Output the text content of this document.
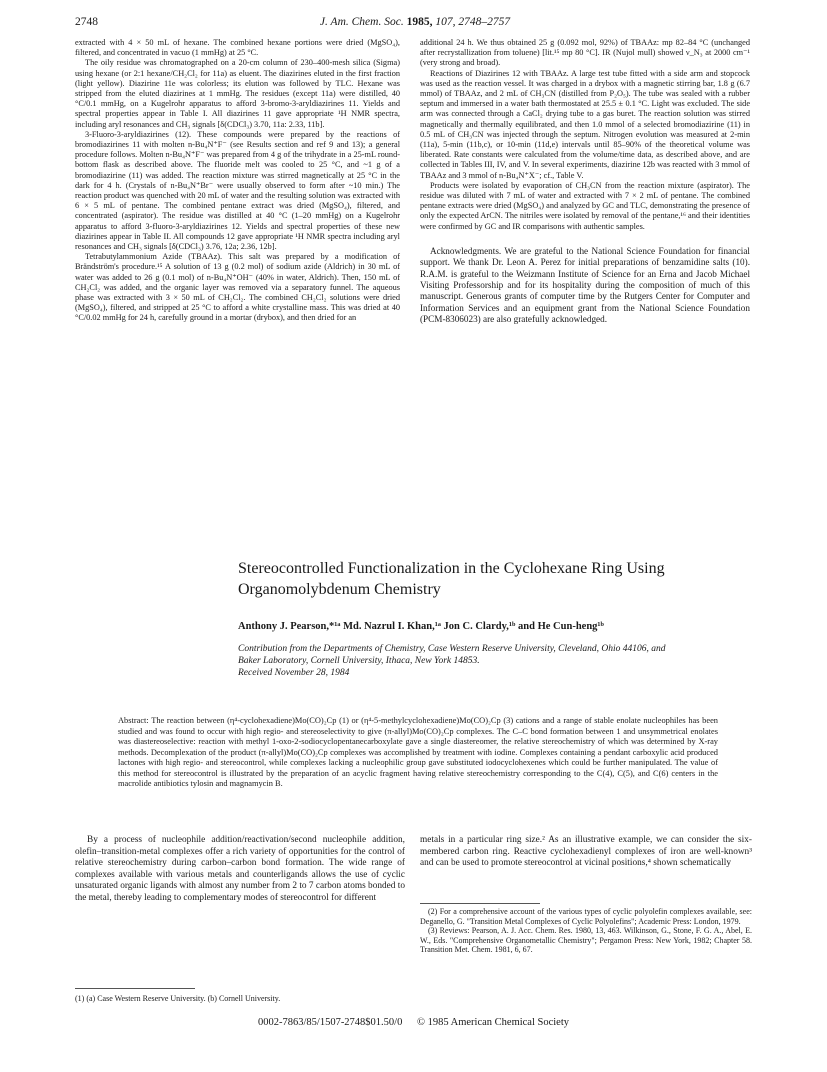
2748	J. Am. Chem. Soc. 1985, 107, 2748–2757

extracted with 4 × 50 mL of hexane. The combined hexane portions were dried (MgSO₄), filtered, and concentrated in vacuo (1 mmHg) at 25 °C.

The oily residue was chromatographed on a 20-cm column of 230–400-mesh silica (Sigma) using hexane (or 2:1 hexane/CH₂Cl₂ for 11a) as eluent. The diazirines eluted in the first fraction (light yellow). Diazirine 11e was colorless; its elution was followed by TLC. Hexane was stripped from the eluted diazirines at 1 mmHg. The residues (except 11a) were distilled, 40 °C/0.1 mmHg, on a Kugelrohr apparatus to afford 3-bromo-3-aryldiazirines 11. Yields and spectral properties appear in Table I. All diazirines 11 gave appropriate ¹H NMR spectra, including aryl resonances and CH₃ signals [δ(CDCl₃) 3.70, 11a: 2.33, 11b].

3-Fluoro-3-aryldiazirines (12). These compounds were prepared by the reactions of bromodiazirines 11 with molten n-Bu₄N⁺F⁻ (see Results section and ref 9 and 13); a general procedure follows. Molten n-Bu₄N⁺F⁻ was prepared from 4 g of the trihydrate in a 25-mL round-bottom flask as described above. The fluoride melt was cooled to 25 °C, and ~1 g of a bromodiazirine (11) was added. The reaction mixture was stirred magnetically at 25 °C in the dark for 4 h. (Crystals of n-Bu₄N⁺Br⁻ were usually observed to form after ~10 min.) The reaction product was quenched with 20 mL of water and the resulting solution was extracted with 6 × 5 mL of pentane. The combined pentane extract was dried (MgSO₄), filtered, and concentrated (aspirator). The residue was distilled at 40 °C (1–20 mmHg) on a Kugelrohr apparatus to afford 3-fluoro-3-aryldiazirines 12. Yields and spectral properties of these new diazirines appear in Table II. All compounds 12 gave appropriate ¹H NMR spectra including aryl resonances and CH₃ signals [δ(CDCl₃) 3.76, 12a; 2.36, 12b].

Tetrabutylammonium Azide (TBAAz). This salt was prepared by a modification of Brändström's procedure.¹⁵ A solution of 13 g (0.2 mol) of sodium azide (Aldrich) in 30 mL of water was added to 26 g (0.1 mol) of n-Bu₄N⁺OH⁻ (40% in water, Aldrich). Then, 150 mL of CH₂Cl₂ was added, and the organic layer was removed via a separatory funnel. The aqueous phase was extracted with 3 × 50 mL of CH₂Cl₂. The combined CH₂Cl₂ solutions were dried (MgSO₄), filtered, and stripped at 25 °C to afford a white crystalline mass. This was dried at 40 °C/0.02 mmHg for 24 h, carefully ground in a mortar (drybox), and then dried for an

additional 24 h. We thus obtained 25 g (0.092 mol, 92%) of TBAAz: mp 82–84 °C (unchanged after recrystallization from toluene) [lit.¹⁵ mp 80 °C]. IR (Nujol mull) showed ν_N₃ at 2000 cm⁻¹ (very strong and broad).

Reactions of Diazirines 12 with TBAAz. A large test tube fitted with a side arm and stopcock was used as the reaction vessel. It was charged in a drybox with a magnetic stirring bar, 1.8 g (6.7 mmol) of TBAAz, and 2 mL of CH₃CN (distilled from P₂O₅). The tube was sealed with a rubber septum and immersed in a water bath thermostated at 25.5 ± 0.1 °C. Light was excluded. The side arm was connected through a CaCl₂ drying tube to a gas buret. The reaction solution was stirred magnetically and thermally equilibrated, and then 1.0 mmol of a selected bromodiazirine (11) in 0.5 mL of CH₃CN was injected through the septum. Nitrogen evolution was measured at 2-min (11a), 5-min (11b,c), or 10-min (11d,e) intervals until 85–90% of the theoretical volume was liberated. Rate constants were calculated from the volume/time data, as described above, and are collected in Tables III, IV, and V. In several experiments, diazirine 12b was reacted with 3 mmol of TBAAz and 3 mmol of n-Bu₄N⁺X⁻; cf., Table V.

Products were isolated by evaporation of CH₃CN from the reaction mixture (aspirator). The residue was diluted with 7 mL of water and extracted with 7 × 2 mL of pentane. The combined pentane extracts were dried (MgSO₄) and analyzed by GC and TLC, demonstrating the presence of only the expected ArCN. The nitriles were isolated by removal of the pentane,¹⁶ and their identities were confirmed by GC and IR comparisons with authentic samples.

Acknowledgments. We are grateful to the National Science Foundation for financial support. We thank Dr. Leon A. Perez for initial preparations of benzamidine salts (10). R.A.M. is grateful to the Weizmann Institute of Science for an Erna and Jacob Michael Visiting Professorship and for its hospitality during the composition of much of this manuscript. Generous grants of computer time by the Rutgers Center for Computer and Information Services and an equipment grant from the National Science Foundation (PCM-8306023) are also gratefully acknowledged.

Stereocontrolled Functionalization in the Cyclohexane Ring Using Organomolybdenum Chemistry
Anthony J. Pearson,*¹ᵃ Md. Nazrul I. Khan,¹ᵃ Jon C. Clardy,¹ᵇ and He Cun-heng¹ᵇ
Contribution from the Departments of Chemistry, Case Western Reserve University, Cleveland, Ohio 44106, and Baker Laboratory, Cornell University, Ithaca, New York 14853.
Received November 28, 1984
Abstract: The reaction between (η⁴-cyclohexadiene)Mo(CO)₂Cp (1) or (η⁴-5-methylcyclohexadiene)Mo(CO)₂Cp (3) cations and a range of stable enolate nucleophiles has been studied and was found to occur with high regio- and stereoselectivity to give (π-allyl)Mo(CO)₂Cp complexes. The C–C bond formation between 1 and unsymmetrical enolates was diastereoselective: reaction with methyl 1-oxo-2-sodiocyclopentanecarboxylate gave a single diastereomer, the relative stereochemistry of which was determined by X-ray methods. Decomplexation of the product (π-allyl)Mo(CO)₂Cp complexes was accomplished by treatment with iodine. Complexes containing a pendant carboxylic acid produced lactones with high regio- and stereocontrol, while complexes lacking a nucleophilic group gave substituted iodocyclohexenes which could be further manipulated. The value of this method for stereocontrol is illustrated by the preparation of an acyclic fragment having relative stereochemistry corresponding to the C(4), C(5), and C(6) centers in the macrolide antibiotics tylosin and magnamycin B.
By a process of nucleophile addition/reactivation/second nucleophile addition, olefin–transition-metal complexes offer a rich variety of opportunities for the control of relative stereochemistry during carbon–carbon bond formation. The wide range of complexes available with various metals and counterligands allows the use of cyclic unsaturated organic ligands with almost any number from 2 to 7 carbon atoms bonded to the metal, thereby leading to complementary modes of stereocontrol for different
metals in a particular ring size.² As an illustrative example, we can consider the six-membered carbon ring. Reactive cyclohexadienyl complexes of iron are well-known³ and can be used to promote stereocontrol at vicinal positions,⁴ shown schematically
(1) (a) Case Western Reserve University. (b) Cornell University.

(2) For a comprehensive account of the various types of cyclic polyolefin complexes available, see: Deganello, G. "Transition Metal Complexes of Cyclic Polyolefins"; Academic Press: London, 1979.

(3) Reviews: Pearson, A. J. Acc. Chem. Res. 1980, 13, 463. Wilkinson, G., Stone, F. G. A., Abel, E. W., Eds. "Comprehensive Organometallic Chemistry"; Pergamon Press: New York, 1982; Chapter 58. Transition Met. Chem. 1981, 6, 67.

0002-7863/85/1507-2748$01.50/0 © 1985 American Chemical Society
